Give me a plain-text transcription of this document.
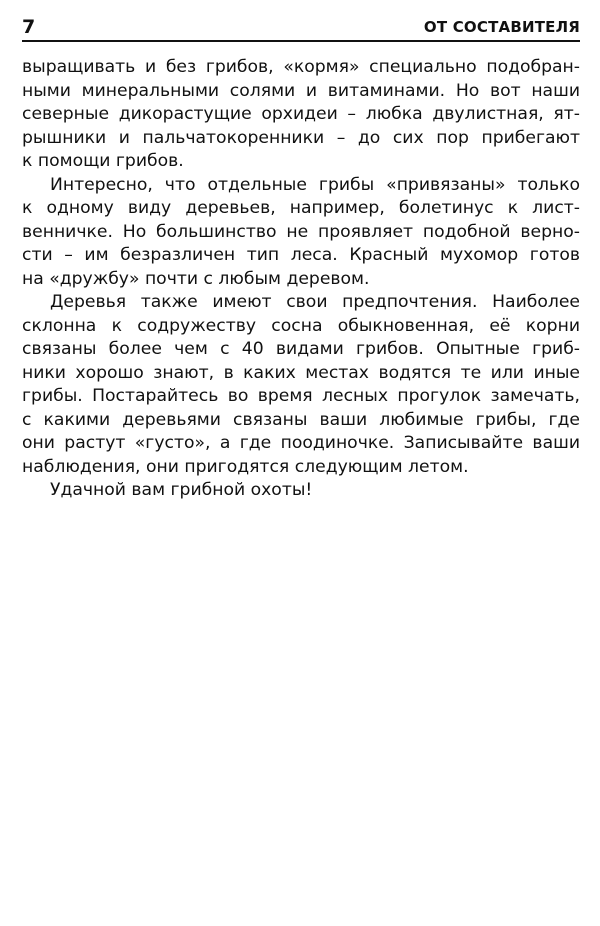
7	ОТ СОСТАВИТЕЛЯ
выращивать и без грибов, «кормя» специально подобран-
ными минеральными солями и витаминами. Но вот наши
северные дикорастущие орхидеи – любка двулистная, ят-
рышники и пальчатокоренники – до сих пор прибегают
к помощи грибов.
Интересно, что отдельные грибы «привязаны» только
к одному виду деревьев, например, болетинус к лист-
венничке. Но большинство не проявляет подобной верно-
сти – им безразличен тип леса. Красный мухомор готов
на «дружбу» почти с любым деревом.
Деревья также имеют свои предпочтения. Наиболее
склонна к содружеству сосна обыкновенная, её корни
связаны более чем с 40 видами грибов. Опытные гриб-
ники хорошо знают, в каких местах водятся те или иные
грибы. Постарайтесь во время лесных прогулок замечать,
с какими деревьями связаны ваши любимые грибы, где
они растут «густо», а где поодиночке. Записывайте ваши
наблюдения, они пригодятся следующим летом.
Удачной вам грибной охоты!
